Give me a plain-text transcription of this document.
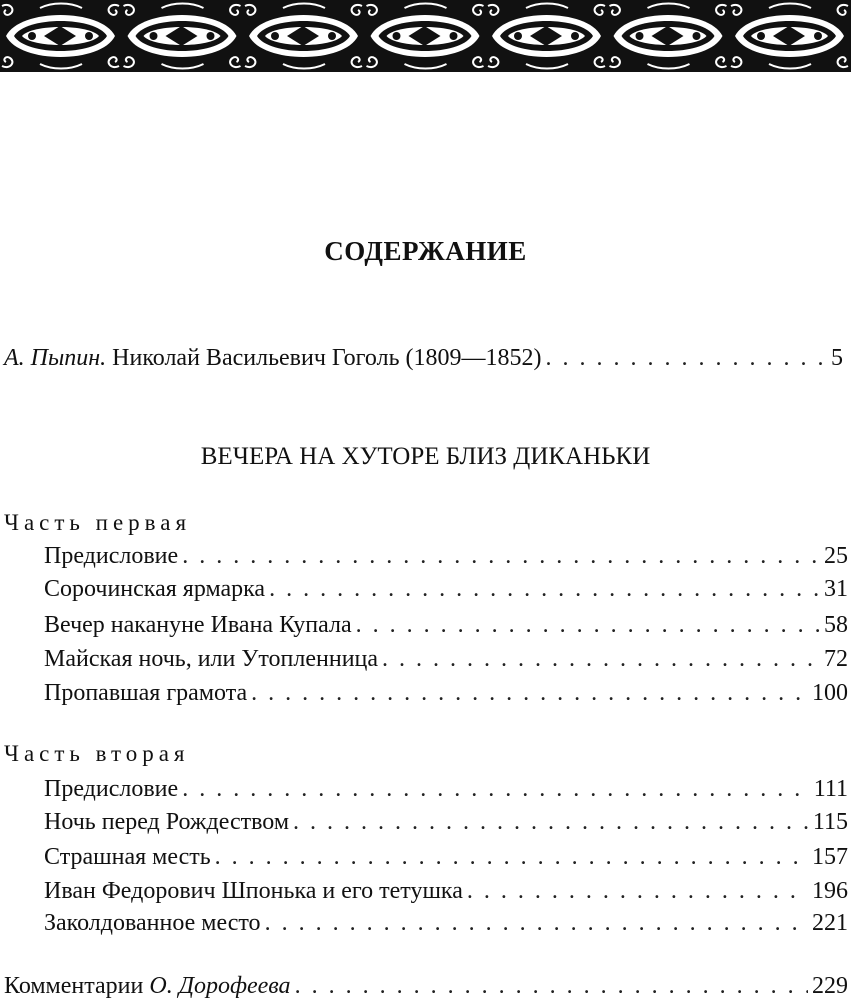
СОДЕРЖАНИЕ
А. Пыпин. Николай Васильевич Гоголь (1809—1852) . . .	5
ВЕЧЕРА НА ХУТОРЕ БЛИЗ ДИКАНЬКИ
Часть первая
Предисловие . . .	25
Сорочинская ярмарка . . .	31
Вечер накануне Ивана Купала . . .	58
Майская ночь, или Утопленница . . .	72
Пропавшая грамота . . .	100
Часть вторая
Предисловие . . .	111
Ночь перед Рождеством . . .	115
Страшная месть . . .	157
Иван Федорович Шпонька и его тетушка . . .	196
Заколдованное место . . .	221
Комментарии О. Дорофеева . . .	229
